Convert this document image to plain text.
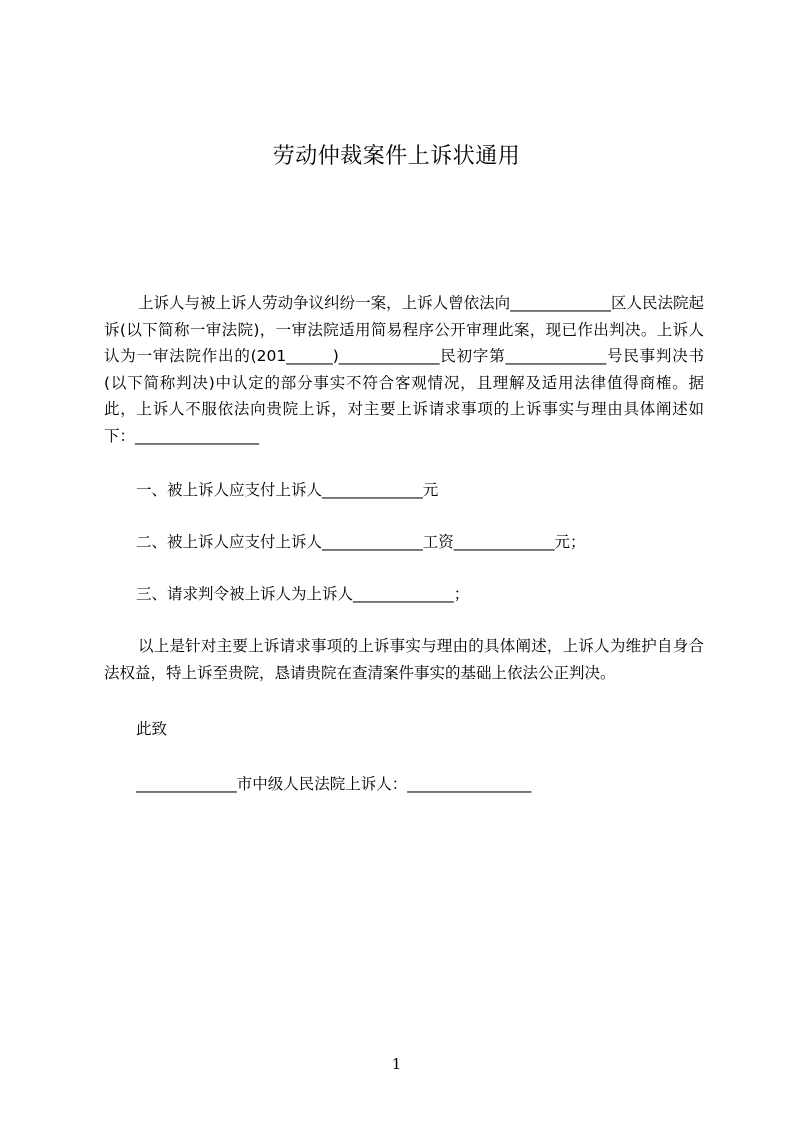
劳动仲裁案件上诉状通用
上诉人与被上诉人劳动争议纠纷一案，上诉人曾依法向_____________区人民法院起诉(以下简称一审法院)，一审法院适用简易程序公开审理此案，现已作出判决。上诉人认为一审法院作出的(201______)_____________民初字第_____________号民事判决书(以下简称判决)中认定的部分事实不符合客观情况，且理解及适用法律值得商榷。据此，上诉人不服依法向贵院上诉，对主要上诉请求事项的上诉事实与理由具体阐述如下：________________
一、被上诉人应支付上诉人_____________元
二、被上诉人应支付上诉人_____________工资_____________元；
三、请求判令被上诉人为上诉人_____________；
以上是针对主要上诉请求事项的上诉事实与理由的具体阐述，上诉人为维护自身合法权益，特上诉至贵院，恳请贵院在查清案件事实的基础上依法公正判决。
此致
_____________市中级人民法院上诉人：________________
1
